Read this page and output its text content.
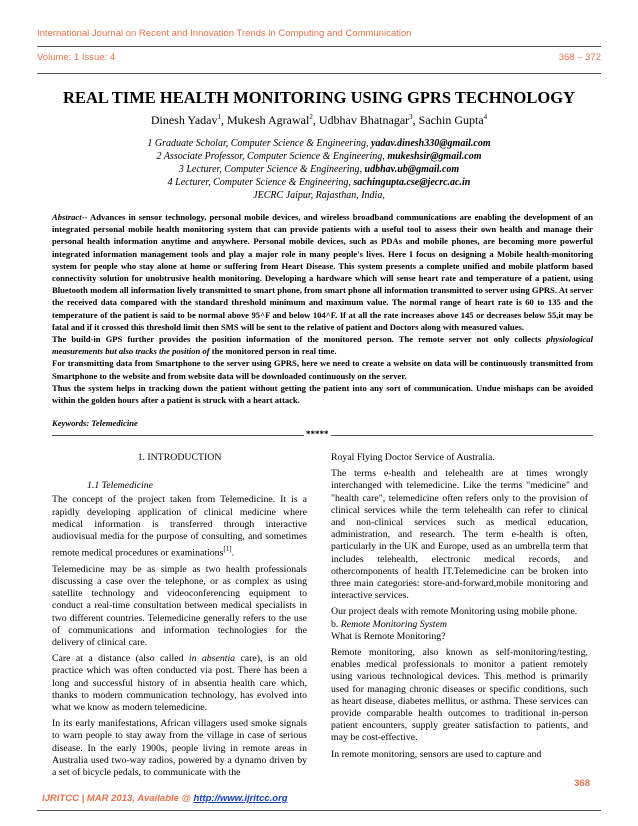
International Journal on Recent and Innovation Trends in Computing and Communication
Volume: 1 Issue: 4	368 – 372
REAL TIME HEALTH MONITORING USING GPRS TECHNOLOGY
Dinesh Yadav$^1$, Mukesh Agrawal$^2$, Udbhav Bhatnagar$^3$, Sachin Gupta$^4$
1 Graduate Scholar, Computer Science & Engineering, yadav.dinesh330@gmail.com
2 Associate Professor, Computer Science & Engineering, mukeshsir@gmail.com
3 Lecturer, Computer Science & Engineering, udbhav.ub@gmail.com
4 Lecturer, Computer Science & Engineering, sachingupta.cse@jecrc.ac.in
JECRC Jaipur, Rajasthan, India,

Abstract-- Advances in sensor technology, personal mobile devices, and wireless broadband communications are enabling the development of an integrated personal mobile health monitoring system that can provide patients with a useful tool to assess their own health and manage their personal health information anytime and anywhere. Personal mobile devices, such as PDAs and mobile phones, are becoming more powerful integrated information management tools and play a major role in many people's lives. Here I focus on designing a Mobile health-monitoring system for people who stay alone at home or suffering from Heart Disease. This system presents a complete unified and mobile platform based connectivity solution for unobtrusive health monitoring. Developing a hardware which will sense heart rate and temperature of a patient, using Bluetooth modem all information lively transmitted to smart phone, from smart phone all information transmitted to server using GPRS. At server the received data compared with the standard threshold minimum and maximum value. The normal range of heart rate is 60 to 135 and the temperature of the patient is said to be normal above 95^F and below 104^F. If at all the rate increases above 145 or decreases below 55,it may be fatal and if it crossed this threshold limit then SMS will be sent to the relative of patient and Doctors along with measured values.

The build-in GPS further provides the position information of the monitored person. The remote server not only collects physiological measurements but also tracks the position of the monitored person in real time.

For transmitting data from Smartphone to the server using GPRS, here we need to create a website on data will be continuously transmitted from Smartphone to the website and from website data will be downloaded continuously on the server.

Thus the system helps in tracking down the patient without getting the patient into any sort of communication. Undue mishaps can be avoided within the golden hours after a patient is struck with a heart attack.

Keywords: Telemedicine
*****

1. INTRODUCTION

1.1 Telemedicine

The concept of the project taken from Telemedicine. It is a rapidly developing application of clinical medicine where medical information is transferred through interactive audiovisual media for the purpose of consulting, and sometimes remote medical procedures or examinations[1].

Telemedicine may be as simple as two health professionals discussing a case over the telephone, or as complex as using satellite technology and videoconferencing equipment to conduct a real-time consultation between medical specialists in two different countries. Telemedicine generally refers to the use of communications and information technologies for the delivery of clinical care.

Care at a distance (also called in absentia care), is an old practice which was often conducted via post. There has been a long and successful history of in absentia health care which, thanks to modern communication technology, has evolved into what we know as modern telemedicine.

In its early manifestations, African villagers used smoke signals to warn people to stay away from the village in case of serious disease. In the early 1900s, people living in remote areas in Australia used two-way radios, powered by a dynamo driven by a set of bicycle pedals, to communicate with the

Royal Flying Doctor Service of Australia.

The terms e-health and telehealth are at times wrongly interchanged with telemedicine. Like the terms "medicine" and "health care", telemedicine often refers only to the provision of clinical services while the term telehealth can refer to clinical and non-clinical services such as medical education, administration, and research. The term e-health is often, particularly in the UK and Europe, used as an umbrella term that includes telehealth, electronic medical records, and othercomponents of health IT.Telemedicine can be broken into three main categories: store-and-forward,mobile monitoring and interactive services.

Our project deals with remote Monitoring using mobile phone.

b. Remote Monitoring System

What is Remote Monitoring?

Remote monitoring, also known as self-monitoring/testing, enables medical professionals to monitor a patient remotely using various technological devices. This method is primarily used for managing chronic diseases or specific conditions, such as heart disease, diabetes mellitus, or asthma. These services can provide comparable health outcomes to traditional in-person patient encounters, supply greater satisfaction to patients, and may be cost-effective.

In remote monitoring, sensors are used to capture and

368
IJRITCC | MAR 2013, Available @ http://www.ijritcc.org
